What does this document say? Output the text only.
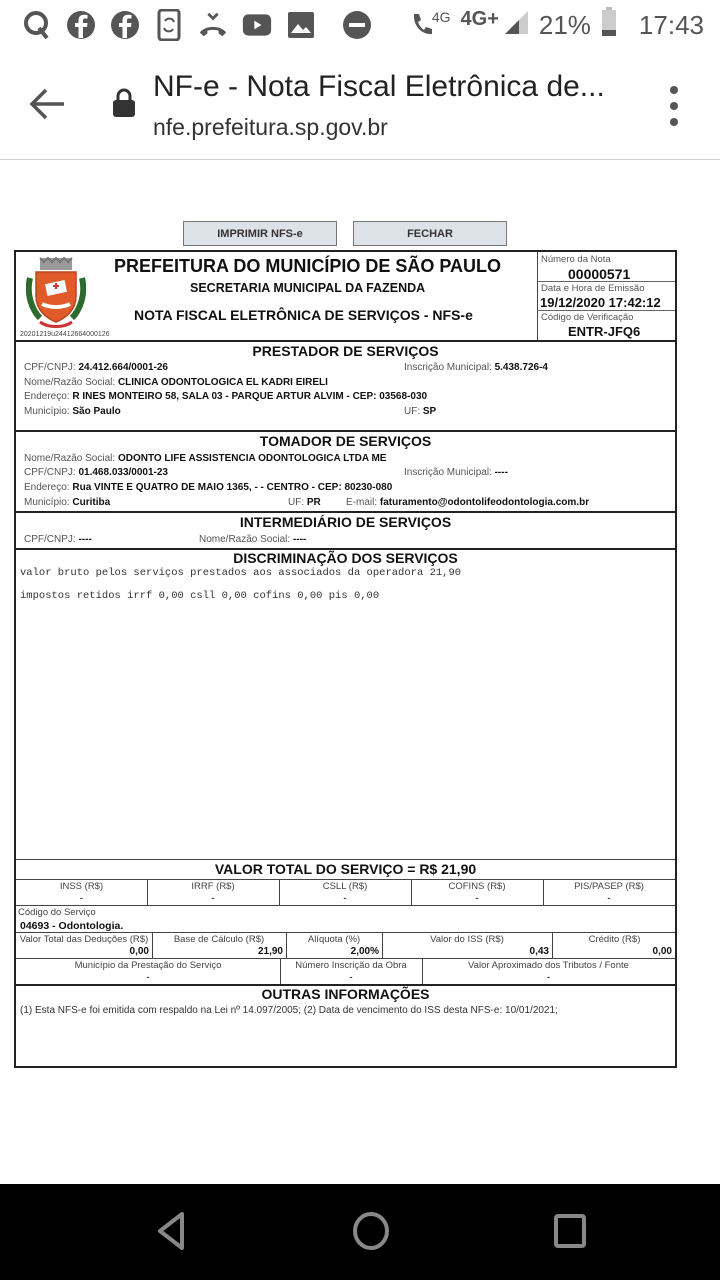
4G 4G+ 21% 17:43
NF-e - Nota Fiscal Eletrônica de...
nfe.prefeitura.sp.gov.br
IMPRIMIR NFS-e	FECHAR
20201219u24412664000126
PREFEITURA DO MUNICÍPIO DE SÃO PAULO
SECRETARIA MUNICIPAL DA FAZENDA
NOTA FISCAL ELETRÔNICA DE SERVIÇOS - NFS-e
Número da Nota
00000571
Data e Hora de Emissão
19/12/2020 17:42:12
Código de Verificação
ENTR-JFQ6
PRESTADOR DE SERVIÇOS
CPF/CNPJ: 24.412.664/0001-26	Inscrição Municipal: 5.438.726-4
Nome/Razão Social: CLINICA ODONTOLOGICA EL KADRI EIRELI
Endereço: R INES MONTEIRO 58, SALA 03 - PARQUE ARTUR ALVIM - CEP: 03568-030
Município: São Paulo	UF: SP
TOMADOR DE SERVIÇOS
Nome/Razão Social: ODONTO LIFE ASSISTENCIA ODONTOLOGICA LTDA ME
CPF/CNPJ: 01.468.033/0001-23	Inscrição Municipal: ----
Endereço: Rua VINTE E QUATRO DE MAIO 1365, - - CENTRO - CEP: 80230-080
Município: Curitiba	UF: PR	E-mail: faturamento@odontolifeodontologia.com.br
INTERMEDIÁRIO DE SERVIÇOS
CPF/CNPJ: ----	Nome/Razão Social: ----
DISCRIMINAÇÃO DOS SERVIÇOS
valor bruto pelos serviços prestados aos associados da operadora 21,90
impostos retidos irrf 0,00 csll 0,00 cofins 0,00 pis 0,00
VALOR TOTAL DO SERVIÇO = R$ 21,90
INSS (R$)	IRRF (R$)	CSLL (R$)	COFINS (R$)	PIS/PASEP (R$)
-	-	-	-	-
Código do Serviço
04693 - Odontologia.
Valor Total das Deduções (R$)	Base de Cálculo (R$)	Alíquota (%)	Valor do ISS (R$)	Crédito (R$)
0,00	21,90	2,00%	0,43	0,00
Município da Prestação do Serviço	Número Inscrição da Obra	Valor Aproximado dos Tributos / Fonte
-	-	-
OUTRAS INFORMAÇÕES
(1) Esta NFS-e foi emitida com respaldo na Lei nº 14.097/2005; (2) Data de vencimento do ISS desta NFS-e: 10/01/2021;
